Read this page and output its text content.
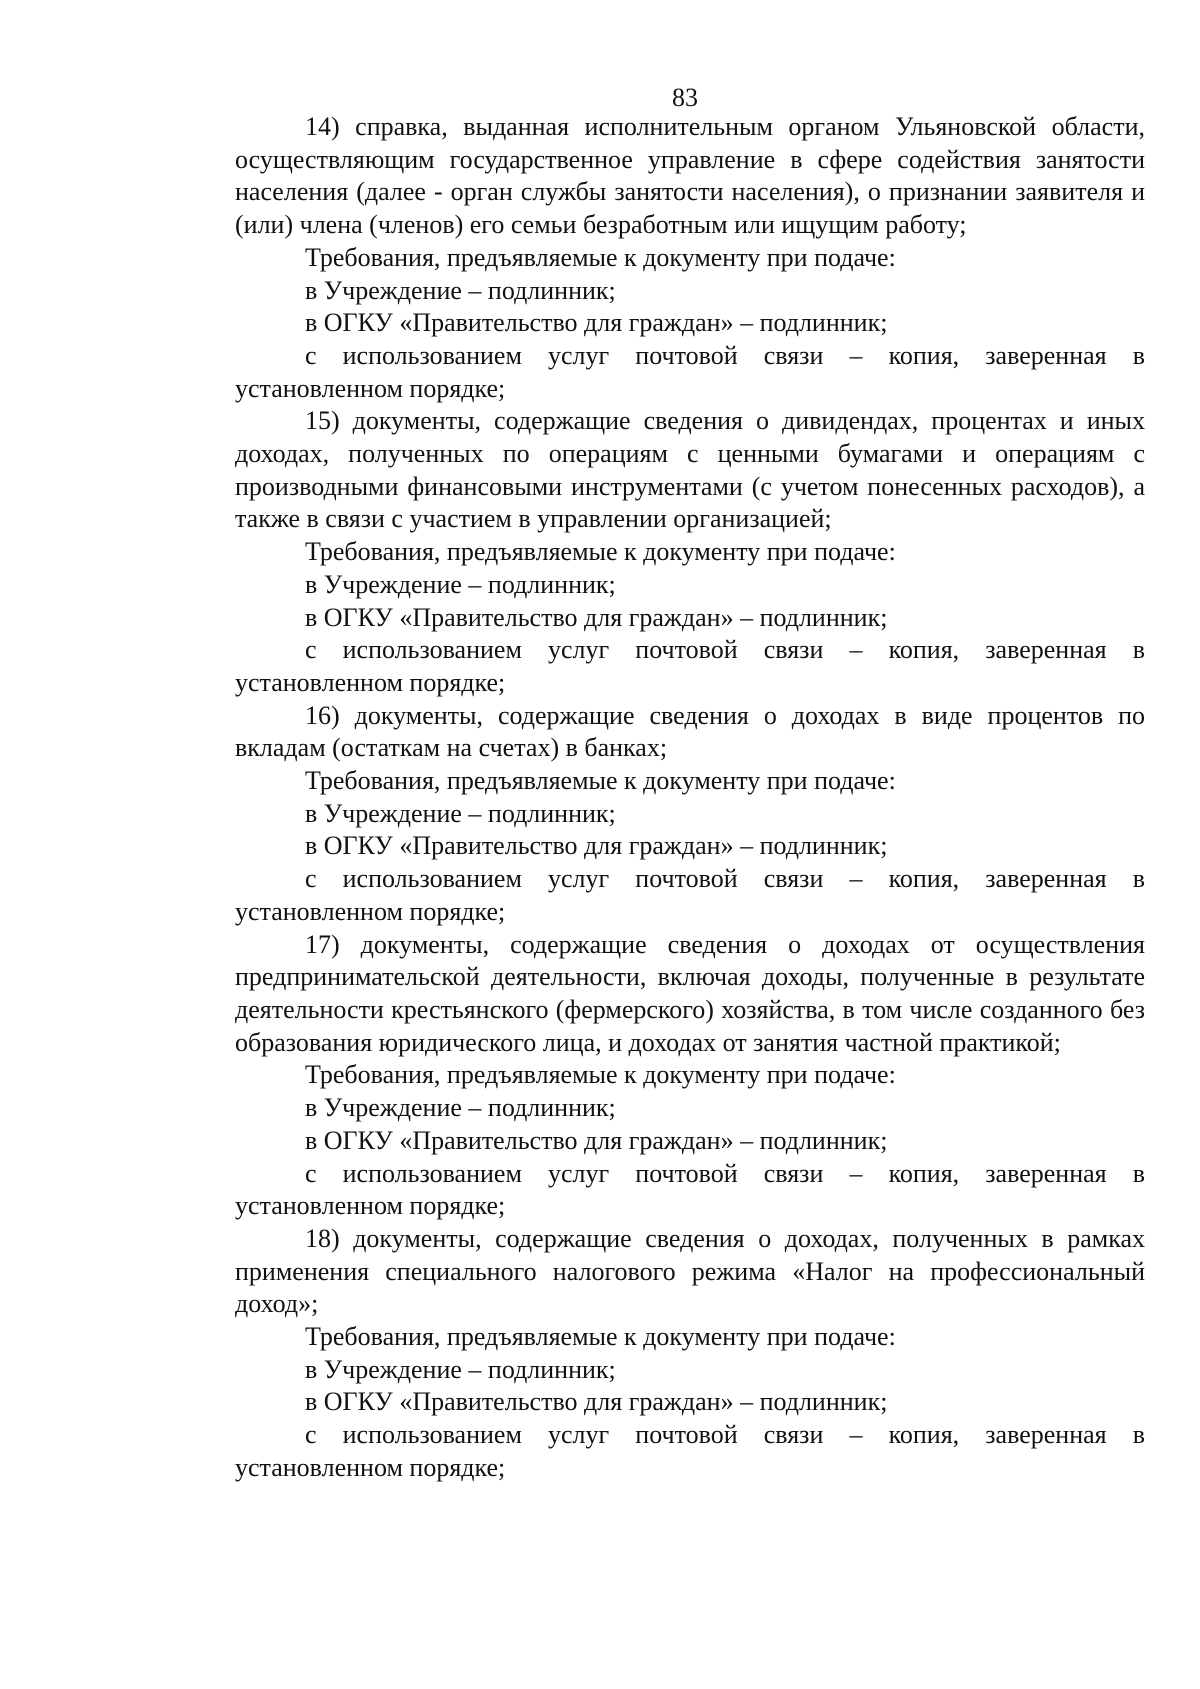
83

14) справка, выданная исполнительным органом Ульяновской области, осуществляющим государственное управление в сфере содействия занятости населения (далее - орган службы занятости населения), о признании заявителя и (или) члена (членов) его семьи безработным или ищущим работу;

Требования, предъявляемые к документу при подаче:

в Учреждение – подлинник;

в ОГКУ «Правительство для граждан» – подлинник;

с использованием услуг почтовой связи – копия, заверенная в установленном порядке;

15) документы, содержащие сведения о дивидендах, процентах и иных доходах, полученных по операциям с ценными бумагами и операциям с производными финансовыми инструментами (с учетом понесенных расходов), а также в связи с участием в управлении организацией;

Требования, предъявляемые к документу при подаче:

в Учреждение – подлинник;

в ОГКУ «Правительство для граждан» – подлинник;

с использованием услуг почтовой связи – копия, заверенная в установленном порядке;

16) документы, содержащие сведения о доходах в виде процентов по вкладам (остаткам на счетах) в банках;

Требования, предъявляемые к документу при подаче:

в Учреждение – подлинник;

в ОГКУ «Правительство для граждан» – подлинник;

с использованием услуг почтовой связи – копия, заверенная в установленном порядке;

17) документы, содержащие сведения о доходах от осуществления предпринимательской деятельности, включая доходы, полученные в результате деятельности крестьянского (фермерского) хозяйства, в том числе созданного без образования юридического лица, и доходах от занятия частной практикой;

Требования, предъявляемые к документу при подаче:

в Учреждение – подлинник;

в ОГКУ «Правительство для граждан» – подлинник;

с использованием услуг почтовой связи – копия, заверенная в установленном порядке;

18) документы, содержащие сведения о доходах, полученных в рамках применения специального налогового режима «Налог на профессиональный доход»;

Требования, предъявляемые к документу при подаче:

в Учреждение – подлинник;

в ОГКУ «Правительство для граждан» – подлинник;

с использованием услуг почтовой связи – копия, заверенная в установленном порядке;
